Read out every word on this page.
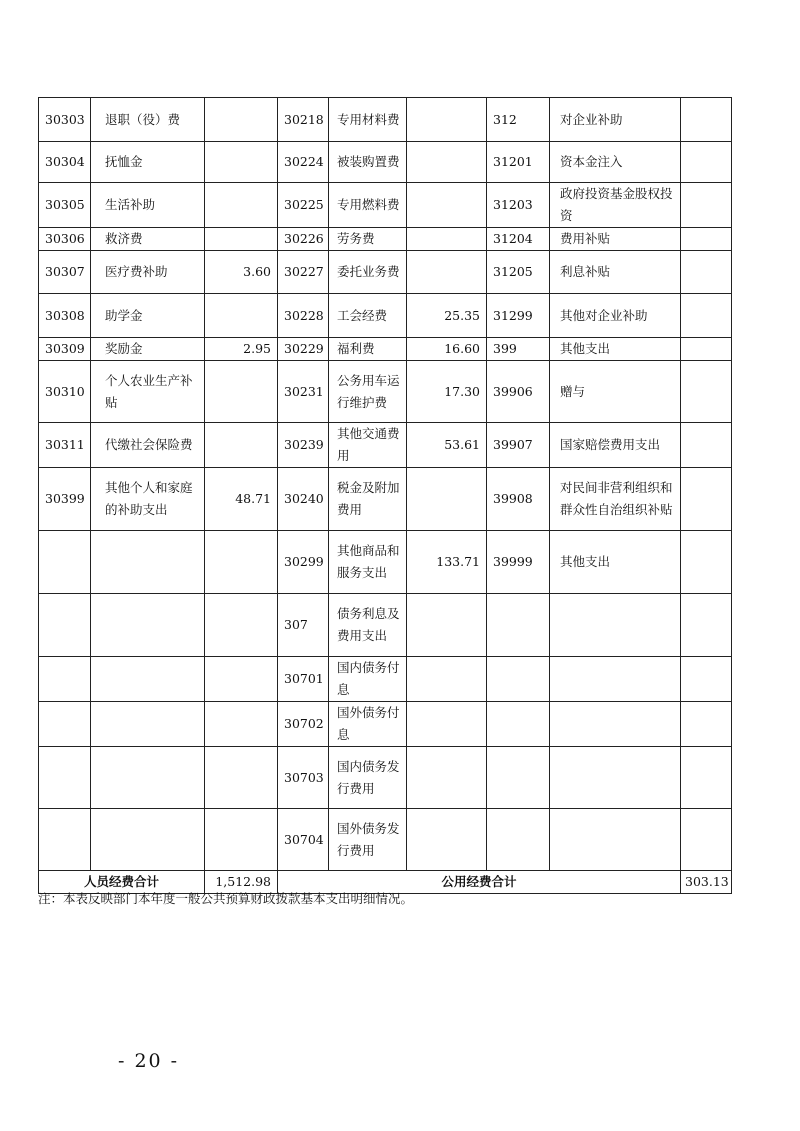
30303	退职（役）费		30218	专用材料费		312	对企业补助	
30304	抚恤金		30224	被装购置费		31201	资本金注入	
30305	生活补助		30225	专用燃料费		31203	政府投资基金股权投资	
30306	救济费		30226	劳务费		31204	费用补贴	
30307	医疗费补助	3.60	30227	委托业务费		31205	利息补贴	
30308	助学金		30228	工会经费	25.35	31299	其他对企业补助	
30309	奖励金	2.95	30229	福利费	16.60	399	其他支出	
30310	个人农业生产补贴		30231	公务用车运行维护费	17.30	39906	赠与	
30311	代缴社会保险费		30239	其他交通费用	53.61	39907	国家赔偿费用支出	
30399	其他个人和家庭的补助支出	48.71	30240	税金及附加费用		39908	对民间非营利组织和群众性自治组织补贴	
			30299	其他商品和服务支出	133.71	39999	其他支出	
			307	债务利息及费用支出				
			30701	国内债务付息				
			30702	国外债务付息				
			30703	国内债务发行费用				
			30704	国外债务发行费用				
人员经费合计		1,512.98	公用经费合计					303.13
注：本表反映部门本年度一般公共预算财政拨款基本支出明细情况。
- 20 -
